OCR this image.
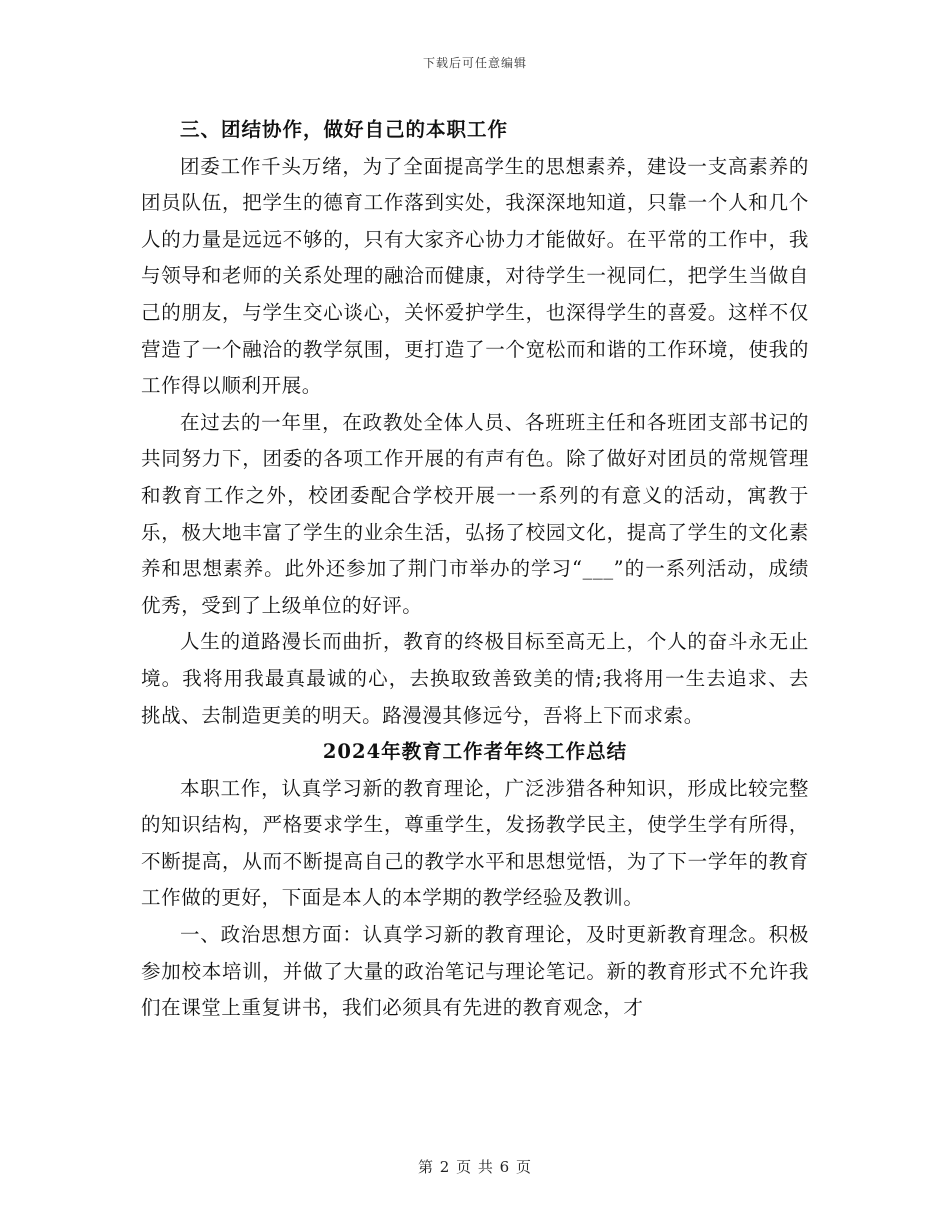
下载后可任意编辑
三、团结协作，做好自己的本职工作

团委工作千头万绪，为了全面提高学生的思想素养，建设一支高素养的团员队伍，把学生的德育工作落到实处，我深深地知道，只靠一个人和几个人的力量是远远不够的，只有大家齐心协力才能做好。在平常的工作中，我与领导和老师的关系处理的融洽而健康，对待学生一视同仁，把学生当做自己的朋友，与学生交心谈心，关怀爱护学生，也深得学生的喜爱。这样不仅营造了一个融洽的教学氛围，更打造了一个宽松而和谐的工作环境，使我的工作得以顺利开展。

在过去的一年里，在政教处全体人员、各班班主任和各班团支部书记的共同努力下，团委的各项工作开展的有声有色。除了做好对团员的常规管理和教育工作之外，校团委配合学校开展一一系列的有意义的活动，寓教于乐，极大地丰富了学生的业余生活，弘扬了校园文化，提高了学生的文化素养和思想素养。此外还参加了荆门市举办的学习“___”的一系列活动，成绩优秀，受到了上级单位的好评。

人生的道路漫长而曲折，教育的终极目标至高无上，个人的奋斗永无止境。我将用我最真最诚的心，去换取致善致美的情;我将用一生去追求、去挑战、去制造更美的明天。路漫漫其修远兮，吾将上下而求索。

2024年教育工作者年终工作总结

本职工作，认真学习新的教育理论，广泛涉猎各种知识，形成比较完整的知识结构，严格要求学生，尊重学生，发扬教学民主，使学生学有所得，不断提高，从而不断提高自己的教学水平和思想觉悟，为了下一学年的教育工作做的更好，下面是本人的本学期的教学经验及教训。

一、政治思想方面：认真学习新的教育理论，及时更新教育理念。积极参加校本培训，并做了大量的政治笔记与理论笔记。新的教育形式不允许我们在课堂上重复讲书，我们必须具有先进的教育观念，才

第 2 页 共 6 页
